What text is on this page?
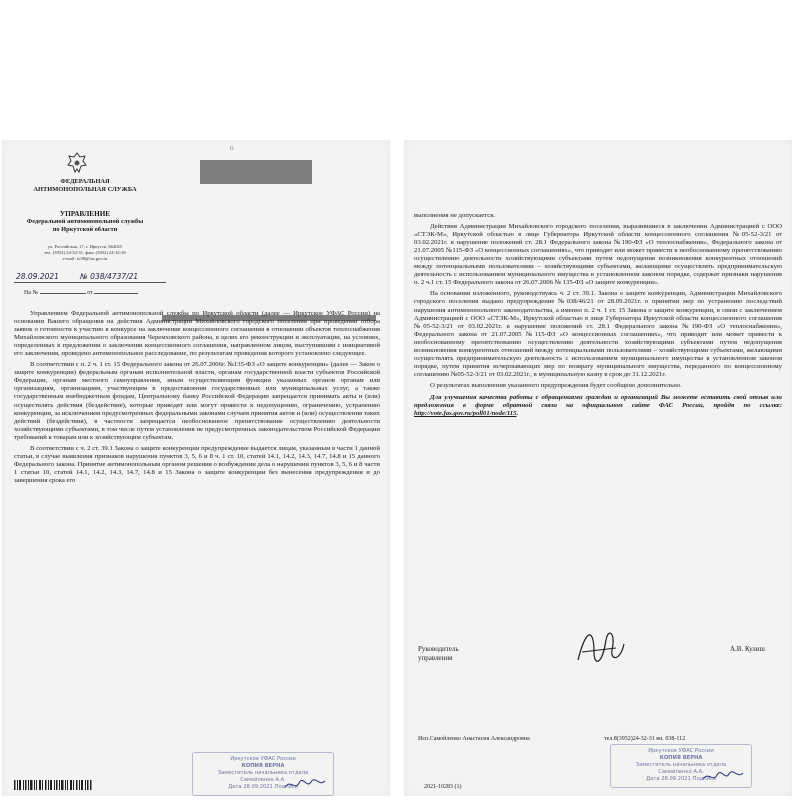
ФЕДЕРАЛЬНАЯ
АНТИМОНОПОЛЬНАЯ СЛУЖБА
УПРАВЛЕНИЕ
Федеральной антимонопольной службы
по Иркутской области
ул. Российская, 17, г. Иркутск, 664025
тел. (3952) 24-32-31, факс (3952) 24-32-26
e-mail: to38@fas.gov.ru
28.09.2021	№ 038/4737/21
На №	от
о

Управлением Федеральной антимонопольной службы по Иркутской области (далее — Иркутское УФАС России) на основании Вашего обращения на действия Администрации Михайловского городского поселения при проведении отбора заявок о готовности к участию в конкурсе на заключение концессионного соглашения в отношении объектов теплоснабжения Михайловского муниципального образования Черемховского района, в целях его реконструкции и эксплуатации, на условиях, определенных в предложении о заключении концессионного соглашения, направленном лицом, выступившим с инициативой его заключения, проведено антимонопольное расследование, по результатам проведения которого установлено следующее.

В соответствии с п. 2 ч. 1 ст. 15 Федерального закона от 26.07.2006г. №135-ФЗ «О защите конкуренции» (далее — Закон о защите конкуренции) федеральным органам исполнительной власти, органам государственной власти субъектов Российской Федерации, органам местного самоуправления, иным осуществляющим функции указанных органов органам или организациям, организациям, участвующим в предоставлении государственных или муниципальных услуг, а также государственным внебюджетным фондам, Центральному банку Российской Федерации запрещается принимать акты и (или) осуществлять действия (бездействие), которые приводят или могут привести к недопущению, ограничению, устранению конкуренции, за исключением предусмотренных федеральными законами случаев принятия актов и (или) осуществления таких действий (бездействия), в частности запрещается необоснованное препятствование осуществлению деятельности хозяйствующими субъектами, в том числе путем установления не предусмотренных законодательством Российской Федерации требований к товарам или к хозяйствующим субъектам.

В соответствии с ч. 2 ст. 39.1 Закона о защите конкуренции предупреждение выдается лицам, указанным в части 1 данной статьи, в случае выявления признаков нарушения пунктов 3, 5, 6 и 8 ч. 1 ст. 10, статей 14.1, 14.2, 14.3, 14.7, 14.8 и 15 данного Федерального закона. Принятие антимонопольным органом решения о возбуждении дела о нарушении пунктов 3, 5, 6 и 8 части 1 статьи 10, статей 14.1, 14.2, 14.3, 14.7, 14.8 и 15 Закона о защите конкуренции без вынесения предупреждения и до завершения срока его

Иркутское УФАС России
КОПИЯ ВЕРНА
Заместитель начальника отдела
Самойленко А.А.
Дата 28.09.2021 Подпись

выполнения не допускается.

Действия Администрации Михайловского городского поселения, выразившиеся в заключении Администрацией с ООО «СТЭК-М», Иркутской областью в лице Губернатора Иркутской области концессионного соглашения №05-52-3/21 от 03.02.2021г. в нарушение положений ст. 28.1 Федерального закона №190-ФЗ «О теплоснабжении», Федерального закона от 21.07.2005 №115-ФЗ «О концессионных соглашениях», что приводит или может привести к необоснованному препятствованию осуществлению деятельности хозяйствующими субъектами путем недопущения возникновения конкурентных отношений между потенциальными пользователями – хозяйствующими субъектами, желающими осуществлять предпринимательскую деятельность с использованием муниципального имущества в установленном законом порядке, содержат признаки нарушения п. 2 ч.1 ст. 15 Федерального закона от 26.07.2006 № 135-ФЗ «О защите конкуренции».

На основании изложенного, руководствуясь ч. 2 ст. 39.1. Закона о защите конкуренции, Администрации Михайловского городского поселения выдано предупреждение №038/46/21 от 28.09.2021г. о принятии мер по устранению последствий нарушения антимонопольного законодательства, а именно п. 2 ч. 1 ст. 15 Закона о защите конкуренции, в связи с заключением Администрацией с ООО «СТЭК-М», Иркутской областью в лице Губернатора Иркутской области концессионного соглашения №05-52-3/21 от 03.02.2021г. в нарушение положений ст. 28.1 Федерального закона №190-ФЗ «О теплоснабжении», Федерального закона от 21.07.2005 №115-ФЗ «О концессионных соглашениях», что приводит или может привести к необоснованному препятствованию осуществлению деятельности хозяйствующими субъектами путем недопущения возникновения конкурентных отношений между потенциальными пользователями – хозяйствующими субъектами, желающими осуществлять предпринимательскую деятельность с использованием муниципального имущества в установленном законом порядке, путем принятия исчерпывающих мер по возврату муниципального имущества, переданного по концессионному соглашению №05-52-3/21 от 03.02.2021г., в муниципальную казну в срок до 31.12.2021г.

О результатах выполнения указанного предупреждения будет сообщено дополнительно.

Для улучшения качества работы с обращениями граждан и организаций Вы можете оставить свой отзыв или предложения в форме обратной связи на официальном сайте ФАС России, пройдя по ссылке: http://vote.fas.gov.ru/poll01/node/115.

Руководитель
управления
А.В. Кулиш
Исп.Самойленко Анастасия Александровна	тел.8(3952)24-32-31 вн. 038-112
Иркутское УФАС России
КОПИЯ ВЕРНА
Заместитель начальника отдела
Самойленко А.А.
Дата 28.09.2021 Подпись
2021-10283 (1)
